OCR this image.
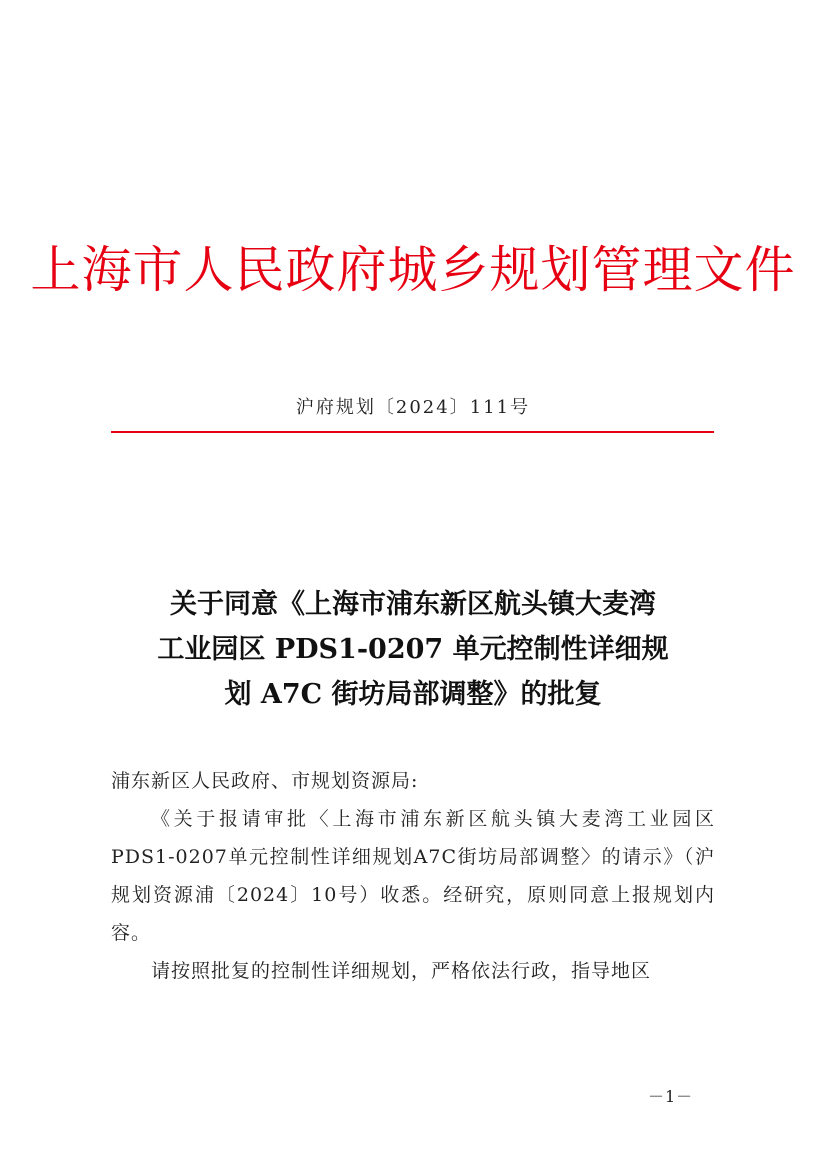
上海市人民政府城乡规划管理文件
沪府规划〔2024〕111号
关于同意《上海市浦东新区航头镇大麦湾
工业园区 PDS1-0207 单元控制性详细规
划 A7C 街坊局部调整》的批复
浦东新区人民政府、市规划资源局:
《关于报请审批〈上海市浦东新区航头镇大麦湾工业园区PDS1-0207单元控制性详细规划A7C街坊局部调整〉的请示》（沪规划资源浦〔2024〕10号）收悉。经研究，原则同意上报规划内容。
请按照批复的控制性详细规划，严格依法行政，指导地区
－1－
